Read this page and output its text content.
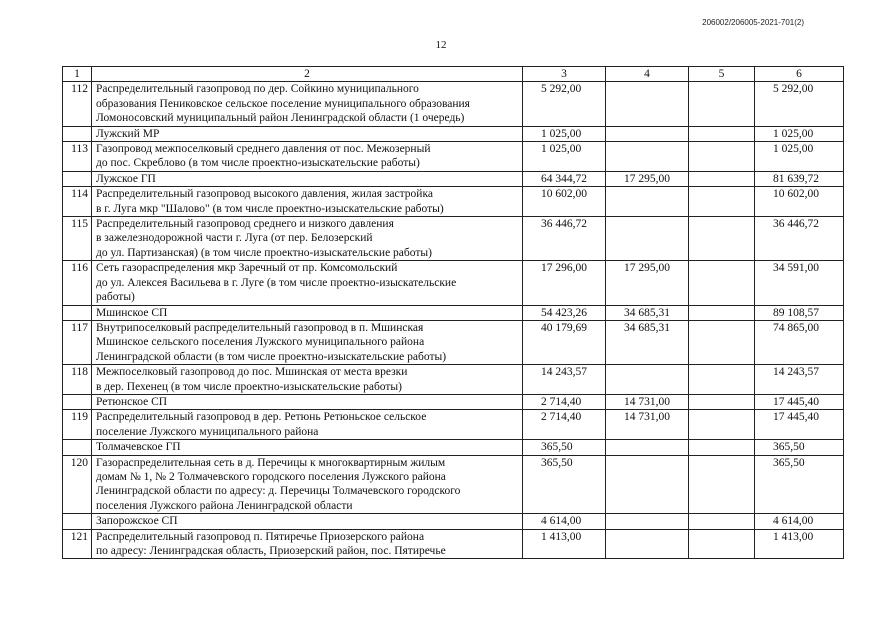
206002/206005-2021-701(2)
12
1	2	3	4	5	6
112	Распределительный газопровод по дер. Сойкино муниципального
образования Пениковское сельское поселение муниципального образования
Ломоносовский муниципальный район Ленинградской области (1 очередь)	5 292,00			5 292,00
	Лужский МР	1 025,00			1 025,00
113	Газопровод межпоселковый среднего давления от пос. Межозерный
до пос. Скреблово (в том числе проектно-изыскательские работы)	1 025,00			1 025,00
	Лужское ГП	64 344,72	17 295,00		81 639,72
114	Распределительный газопровод высокого давления, жилая застройка
в г. Луга мкр "Шалово" (в том числе проектно-изыскательские работы)	10 602,00			10 602,00
115	Распределительный газопровод среднего и низкого давления
в зажелезнодорожной части г. Луга (от пер. Белозерский
до ул. Партизанская) (в том числе проектно-изыскательские работы)	36 446,72			36 446,72
116	Сеть газораспределения мкр Заречный от пр. Комсомольский
до ул. Алексея Васильева в г. Луге (в том числе проектно-изыскательские
работы)	17 296,00	17 295,00		34 591,00
	Мшинское СП	54 423,26	34 685,31		89 108,57
117	Внутрипоселковый распределительный газопровод в п. Мшинская
Мшинское сельского поселения Лужского муниципального района
Ленинградской области (в том числе проектно-изыскательские работы)	40 179,69	34 685,31		74 865,00
118	Межпоселковый газопровод до пос. Мшинская от места врезки
в дер. Пехенец (в том числе проектно-изыскательские работы)	14 243,57			14 243,57
	Ретюнское СП	2 714,40	14 731,00		17 445,40
119	Распределительный газопровод в дер. Ретюнь Ретюньское сельское
поселение Лужского муниципального района	2 714,40	14 731,00		17 445,40
	Толмачевское ГП	365,50			365,50
120	Газораспределительная сеть в д. Перечицы к многоквартирным жилым
домам № 1, № 2 Толмачевского городского поселения Лужского района
Ленинградской области по адресу: д. Перечицы Толмачевского городского
поселения Лужского района Ленинградской области	365,50			365,50
	Запорожское СП	4 614,00			4 614,00
121	Распределительный газопровод п. Пятиречье Приозерского района
по адресу: Ленинградская область, Приозерский район, пос. Пятиречье	1 413,00			1 413,00
